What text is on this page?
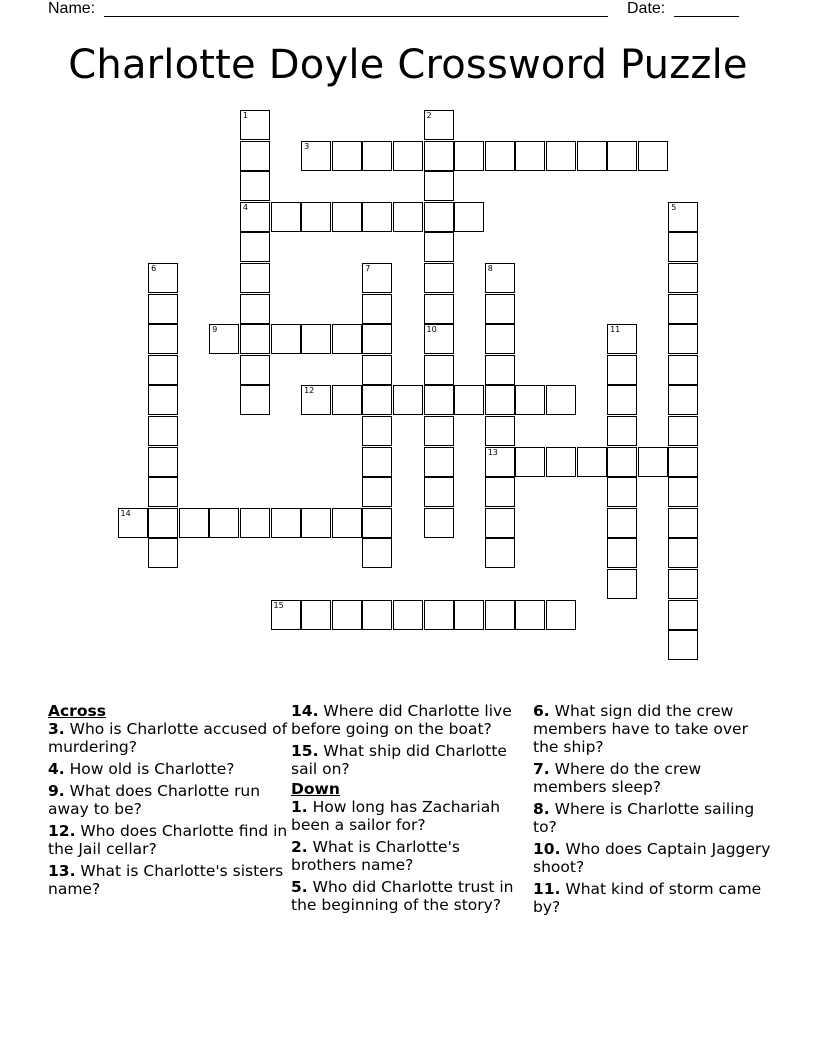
Name:	Date:
Charlotte Doyle Crossword Puzzle
3
4
9
12
13
14
15
1	2
5
6	7	8
10	11

Across

3. Who is Charlotte accused of murdering?

4. How old is Charlotte?

9. What does Charlotte run away to be?

12. Who does Charlotte find in the Jail cellar?

13. What is Charlotte's sisters name?

14. Where did Charlotte live before going on the boat?

15. What ship did Charlotte sail on?

Down

1. How long has Zachariah been a sailor for?

2. What is Charlotte's brothers name?

5. Who did Charlotte trust in the beginning of the story?

6. What sign did the crew members have to take over the ship?

7. Where do the crew members sleep?

8. Where is Charlotte sailing to?

10. Who does Captain Jaggery shoot?

11. What kind of storm came by?
